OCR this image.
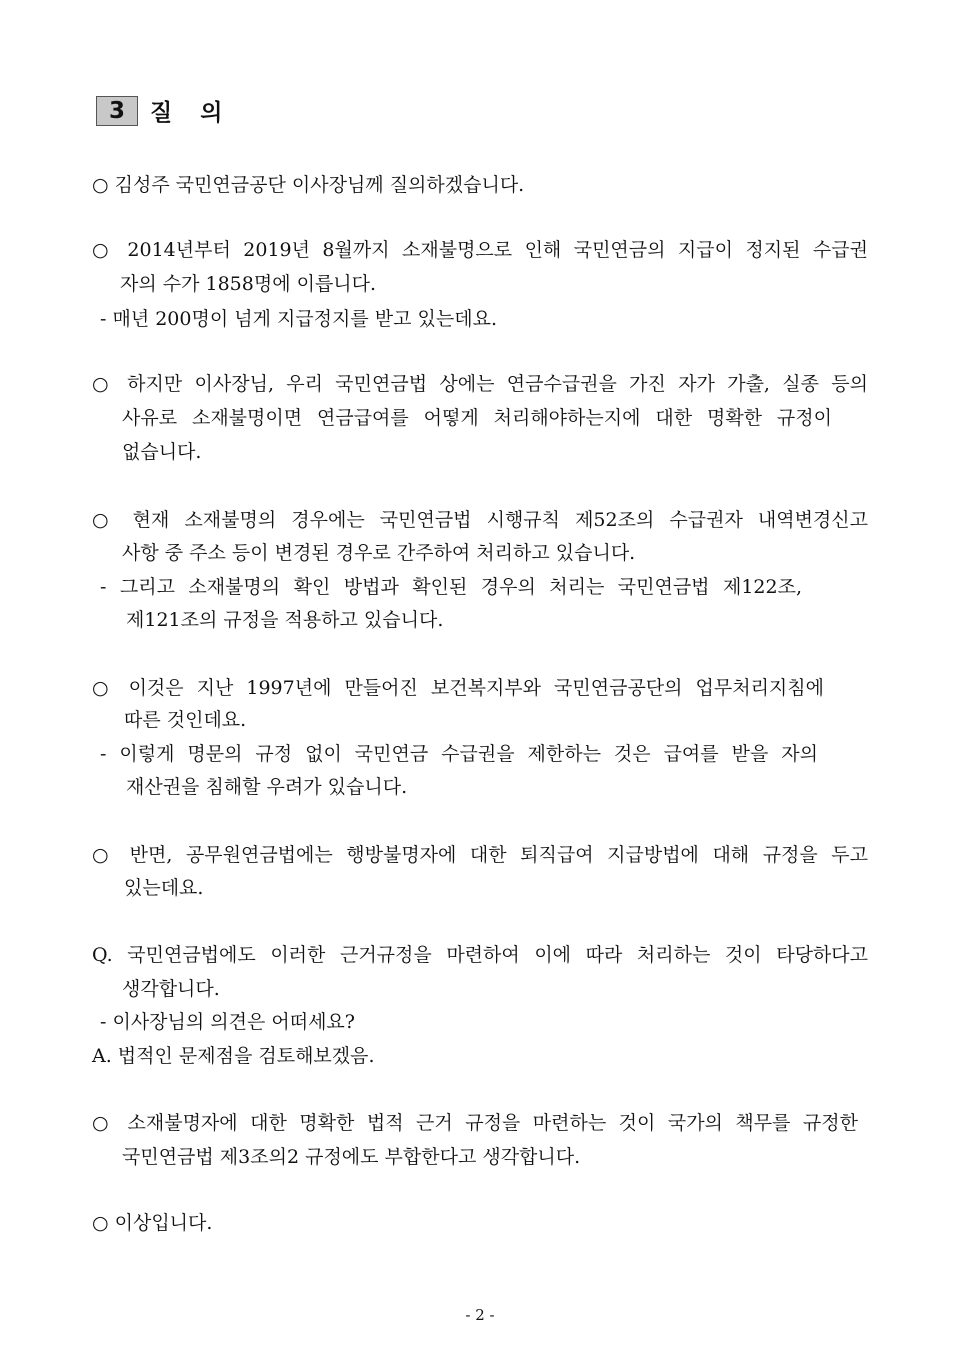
3	질 의
○ 김성주 국민연금공단 이사장님께 질의하겠습니다.
○ 2014년부터 2019년 8월까지 소재불명으로 인해 국민연금의 지급이 정지된 수급권
자의 수가 1858명에 이릅니다.
- 매년 200명이 넘게 지급정지를 받고 있는데요.
○ 하지만 이사장님, 우리 국민연금법 상에는 연금수급권을 가진 자가 가출, 실종 등의
사유로 소재불명이면 연금급여를 어떻게 처리해야하는지에 대한 명확한 규정이
없습니다.
○ 현재 소재불명의 경우에는 국민연금법 시행규칙 제52조의 수급권자 내역변경신고
사항 중 주소 등이 변경된 경우로 간주하여 처리하고 있습니다.
- 그리고 소재불명의 확인 방법과 확인된 경우의 처리는 국민연금법 제122조,
제121조의 규정을 적용하고 있습니다.
○ 이것은 지난 1997년에 만들어진 보건복지부와 국민연금공단의 업무처리지침에
따른 것인데요.
- 이렇게 명문의 규정 없이 국민연금 수급권을 제한하는 것은 급여를 받을 자의
재산권을 침해할 우려가 있습니다.
○ 반면, 공무원연금법에는 행방불명자에 대한 퇴직급여 지급방법에 대해 규정을 두고
있는데요.
Q. 국민연금법에도 이러한 근거규정을 마련하여 이에 따라 처리하는 것이 타당하다고
생각합니다.
- 이사장님의 의견은 어떠세요?
A. 법적인 문제점을 검토해보겠음.
○ 소재불명자에 대한 명확한 법적 근거 규정을 마련하는 것이 국가의 책무를 규정한
국민연금법 제3조의2 규정에도 부합한다고 생각합니다.
○ 이상입니다.
- 2 -
